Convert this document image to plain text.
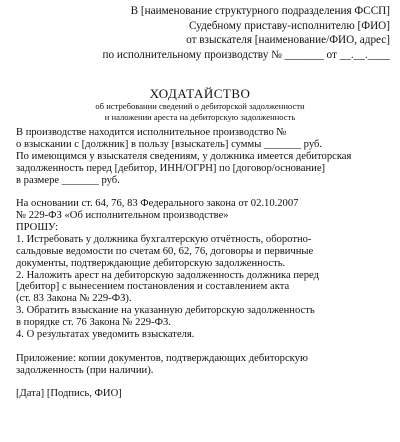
В [наименование структурного подразделения ФССП]
Судебному приставу-исполнителю [ФИО]
от взыскателя [наименование/ФИО, адрес]
по исполнительному производству № _______ от __.__.____
ХОДАТАЙСТВО
об истребовании сведений о дебиторской задолженности
и наложении ареста на дебиторскую задолженность

В производстве находится исполнительное производство №
о взыскании с [должник] в пользу [взыскатель] суммы _______ руб.
По имеющимся у взыскателя сведениям, у должника имеется дебиторская
задолженность перед [дебитор, ИНН/ОГРН] по [договор/основание]
в размере _______ руб.

На основании ст. 64, 76, 83 Федерального закона от 02.10.2007
№ 229-ФЗ «Об исполнительном производстве»
ПРОШУ:
1. Истребовать у должника бухгалтерскую отчётность, оборотно-
сальдовые ведомости по счетам 60, 62, 76, договоры и первичные
документы, подтверждающие дебиторскую задолженность.
2. Наложить арест на дебиторскую задолженность должника перед
[дебитор] с вынесением постановления и составлением акта
(ст. 83 Закона № 229-ФЗ).
3. Обратить взыскание на указанную дебиторскую задолженность
в порядке ст. 76 Закона № 229-ФЗ.
4. О результатах уведомить взыскателя.

Приложение: копии документов, подтверждающих дебиторскую
задолженность (при наличии).

[Дата] [Подпись, ФИО]
